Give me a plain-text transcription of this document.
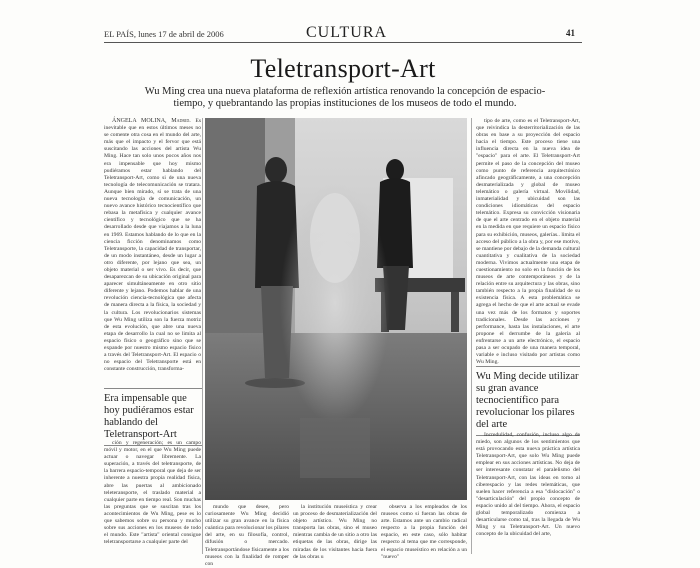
EL PAÍS, lunes 17 de abril de 2006	CULTURA	41
Teletransport-Art
Wu Ming crea una nueva plataforma de reflexión artística renovando la concepción de espacio-tiempo, y quebrantando las propias instituciones de los museos de todo el mundo.

ÁNGELA MOLINA, Madrid. Es inevitable que en estos últimos meses no se comente otra cosa en el mundo del arte, más que el impacto y el fervor que está suscitando las acciones del artista Wu Ming. Hace tan solo unos pocos años nos era impensable que hoy mismo pudiéramos estar hablando del Teletransport-Art, como si de una nueva tecnología de telecomunicación se tratara. Aunque bien mirado, sí se trata de una nueva tecnología de comunicación, un nuevo avance histórico tecnocientífico que rebasa la metafísica y cualquier avance científico y tecnológico que se ha desarrollado desde que viajamos a la luna en 1969. Estamos hablando de lo que en la ciencia ficción denominamos como Teletransporte, la capacidad de transportar, de un modo instantáneo, desde un lugar a otro diferente, por lejano que sea, un objeto material o ser vivo. Es decir, que desaparezcan de su ubicación original para aparecer simultáneamente en otro sitio diferente y lejano. Podemos hablar de una revolución ciencia-tecnológica que afecta de manera directa a la física, la sociedad y la cultura. Los revolucionarios sistemas que Wu Ming utiliza son la fuerza motriz de esta evolución, que abre una nueva etapa de desarrollo la cual no se limita al espacio físico o geográfico sino que se expande por nuestro mismo espacio físico a través del Teletransport-Art. El espacio o no espacio del Teletransporte está en constante construcción, transforma-

Era impensable que hoy pudiéramos estar hablando del Teletransport-Art

ción y regeneración; es un campo móvil y motor, en el que Wu Ming puede actuar o navegar libremente. La superación, a través del teletransporte, de la barrera espacio-temporal que deja de ser inherente a nuestra propia realidad física, abre las puertas al ambicionado teleteransporte, el traslado material a cualquier parte en tiempo real. Son muchas las preguntas que se suscitan tras los acontecimientos de Wu Ming, pese es lo que sabemos sobre su persona y mucho sobre sus acciones en los museos de todo el mundo. Este "artista" oriental consigue teletransportarse a cualquier parte del

mundo que desee, pero curiosamente Wu Ming decidió utilizar su gran avance en la física cuántica para revolucionar los pilares del arte, en su filosofía, control, difusión o mercado. Teletransportándose físicamente a los museos con la finalidad de romper con

la institución museística y crear un proceso de desmaterialización del objeto artístico. Wu Ming no transporta las obras, sino el museo mientras cambia de un sitio a otro las etiquetas de las obras, dirige las miradas de los visitantes hacia fuera de las obras u

observa a los empleados de los museos como si fueran las obras de arte. Estamos ante un cambio radical respecto a la propia función del espacio, en este caso, sólo habitar respecto al tema que me corresponde, el espacio museístico en relación a un "nuevo"

tipo de arte, como es el Teletransport-Art, que reivindica la desterritorialización de las obras en base a su proyección del espacio hacia el tiempo. Este proceso tiene una influencia directa en la nueva idea de "espacio" para el arte. El Teletransport-Art permite el paso de la concepción del museo como punto de referencia arquitectónico afincado geográficamente, a una concepción desmaterializada y global de museo telemático o galería virtual. Movilidad, inmaterialidad y ubicuidad son las condiciones idiomáticas del espacio telemático. Expresa su convicción visionaria de que el arte centrado en el objeto material en la medida en que requiere un espacio físico para su exhibición, museos, galerías.. limita el acceso del público a la obra y, por ese motivo, se mantiene por debajo de la demanda cultural cuantitativa y cualitativa de la sociedad moderna. Vivimos actualmente una etapa de cuestionamiento no solo en la función de los museos de arte contemporáneos y de la relación entre su arquitectura y las obras, sino también respecto a la propia finalidad de su existencia física. A esta problemática se agrega el hecho de que el arte actual se evade una vez más de los formatos y soportes tradicionales. Desde las acciones y performance, hasta las instalaciones, el arte propone el derrumbe de la galería al enfrentarse a un arte electrónico, el espacio pasa a ser ocupado de una manera temporal, variable e incluso visitado por artistas como Wu Ming.

Wu Ming decide utilizar su gran avance tecnocientífico para revolucionar los pilares del arte

Incredulidad, confusión, incluso algo de miedo, son algunos de los sentimientos que está provocando esta nueva práctica artística Teletransport-Art, que solo Wu Ming puede emplear en sus acciones artísticas. No deja de ser interesante constatar el paralelismo del Teletransport-Art, con las ideas en torno al ciberespacio y las redes telemáticas, que suelen hacer referencia a esa "dislocación" o "desarticulación" del propio concepto de espacio unido al del tiempo. Ahora, el espacio global temporalizado comienza a desarticularse como tal, tras la llegada de Wu Ming y su Teletransport-Art. Un nuevo concepto de la ubicuidad del arte,
